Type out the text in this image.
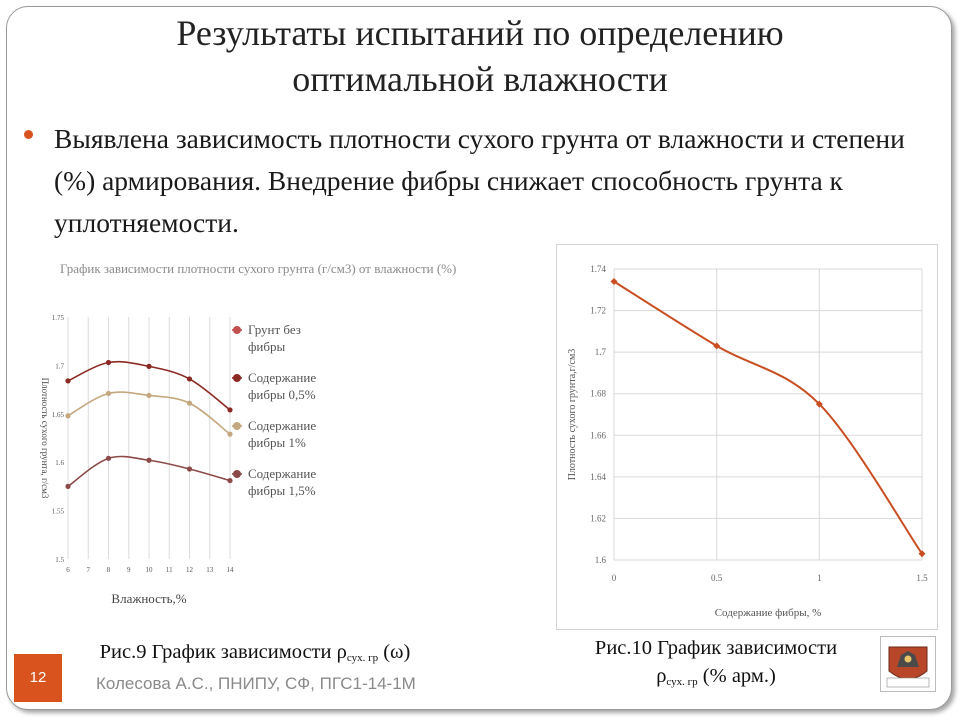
Результаты испытаний по определению
оптимальной влажности
Выявлена зависимость плотности сухого грунта от влажности и степени (%) армирования. Внедрение фибры снижает способность грунта к уплотняемости.
График зависимости плотности сухого грунта (г/см3) от влажности (%)
6 7 8 9 10 11 12 13 14
1.5
1.55
1.6
1.65
1.7
1.75
Влажность,%
Плотность сухого грунта, г/см3
Грунт без фибры
Содержание фибры 0,5%
Содержание фибры 1%
Содержание фибры 1,5%
1.6
1.62
1.64
1.66
1.68
1.7
1.72
1.74
0	0.5	1	1.5
Содержание фибры, %
Плотность сухого грунта,г/см3
Рис.9 График зависимости $\rho_{сух. гр}$ (ω)	Рис.10 График зависимости
$\rho_{сух. гр}$ (% арм.)
12	Колесова А.С., ПНИПУ, СФ, ПГС1-14-1М
